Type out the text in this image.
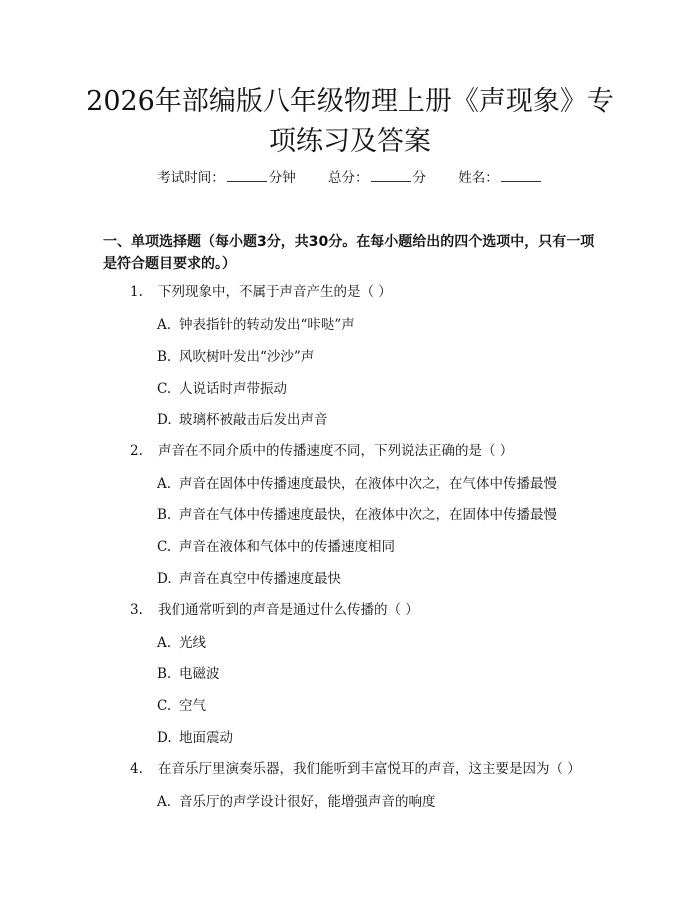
2026年部编版八年级物理上册《声现象》专项练习及答案
考试时间：	分钟 总分：	分 姓名：

一、单项选择题（每小题3分，共30分。在每小题给出的四个选项中，只有一项是符合题目要求的。）

1. 下列现象中，不属于声音产生的是（ ）
A. 钟表指针的转动发出“咔哒”声
B. 风吹树叶发出“沙沙”声
C. 人说话时声带振动
D. 玻璃杯被敲击后发出声音
2. 声音在不同介质中的传播速度不同，下列说法正确的是（ ）
A. 声音在固体中传播速度最快，在液体中次之，在气体中传播最慢
B. 声音在气体中传播速度最快，在液体中次之，在固体中传播最慢
C. 声音在液体和气体中的传播速度相同
D. 声音在真空中传播速度最快
3. 我们通常听到的声音是通过什么传播的（ ）
A. 光线
B. 电磁波
C. 空气
D. 地面震动
4. 在音乐厅里演奏乐器，我们能听到丰富悦耳的声音，这主要是因为（ ）
A. 音乐厅的声学设计很好，能增强声音的响度
